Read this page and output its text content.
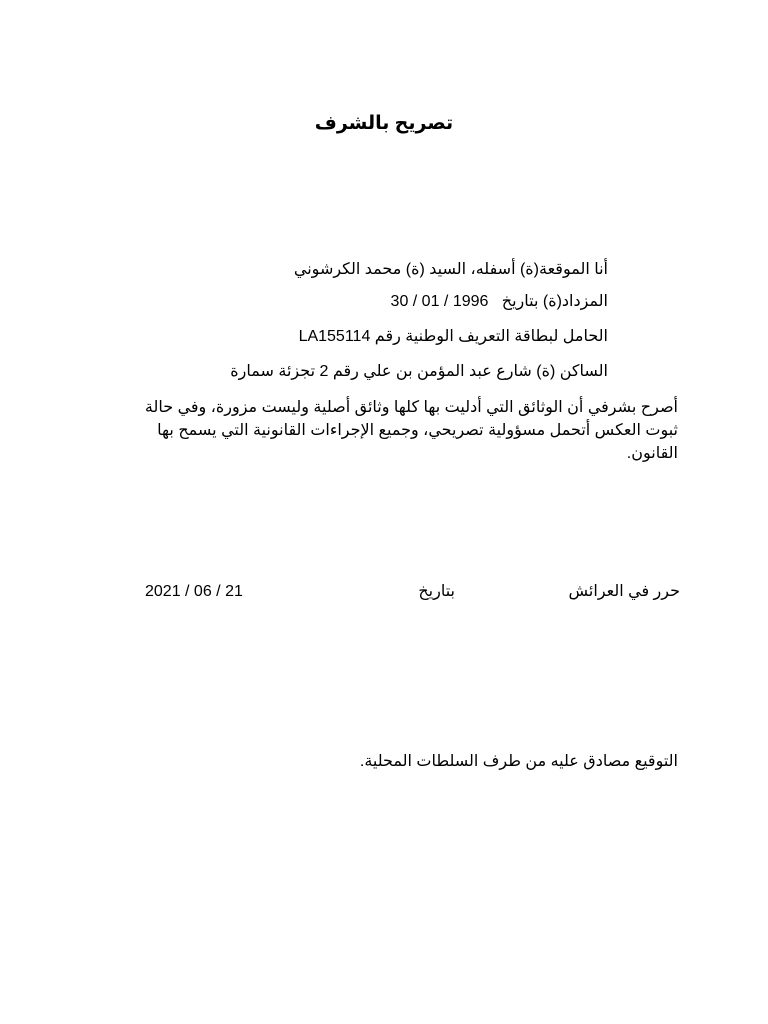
تصريح بالشرف
أنا الموقعة(ة) أسفله، السيد (ة) محمد الكرشوني
المزداد(ة) بتاريخ   30 / 01 / 1996
الحامل لبطاقة التعريف الوطنية رقم LA155114
الساكن (ة) شارع عبد المؤمن بن علي رقم 2 تجزئة سمارة
أصرح بشرفي أن الوثائق التي أدليت بها كلها وثائق أصلية وليست مزورة، وفي حالة ثبوت العكس أتحمل مسؤولية تصريحي، وجميع الإجراءات القانونية التي يسمح بها القانون.
حرر في العرائش
بتاريخ
2021 / 06 / 21
التوقيع مصادق عليه من طرف السلطات المحلية.
